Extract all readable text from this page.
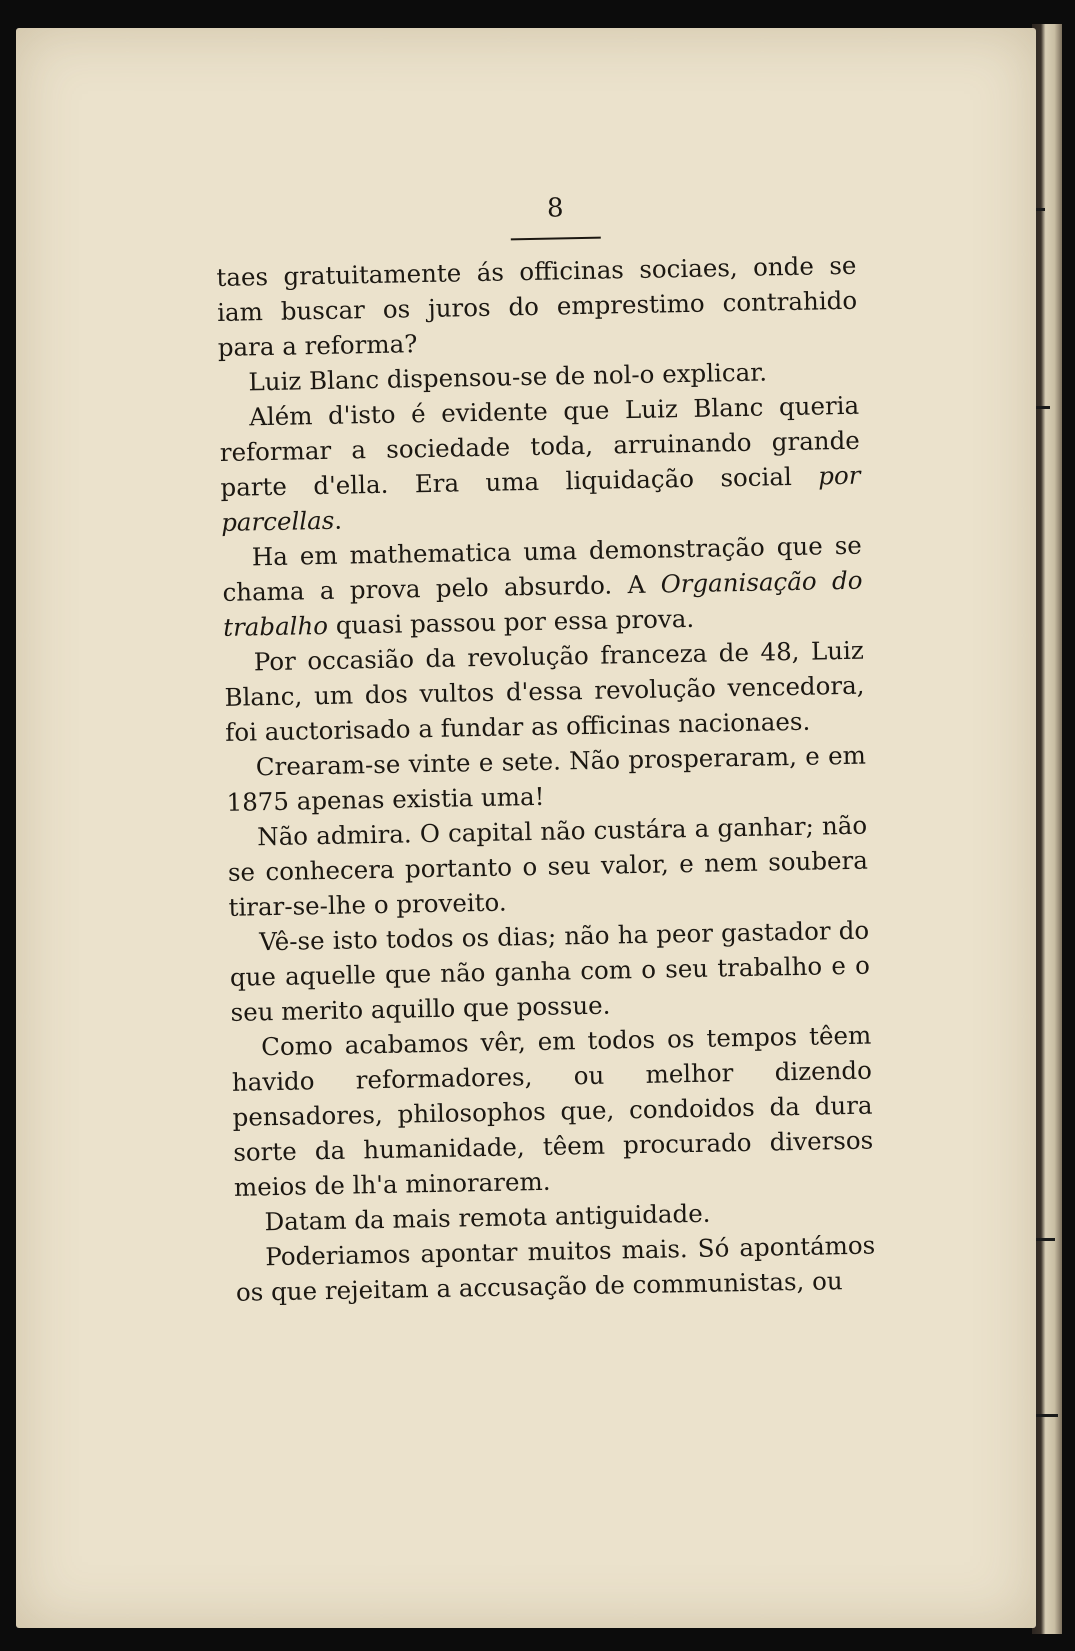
8

taes gratuitamente ás officinas sociaes, onde se iam buscar os juros do emprestimo contrahido para a reforma?

Luiz Blanc dispensou-se de nol-o explicar.

Além d'isto é evidente que Luiz Blanc queria reformar a sociedade toda, arruinando grande parte d'ella. Era uma liquidação social por parcellas.

Ha em mathematica uma demonstração que se chama a prova pelo absurdo. A Organisação do trabalho quasi passou por essa prova.

Por occasião da revolução franceza de 48, Luiz Blanc, um dos vultos d'essa revolução vencedora, foi auctorisado a fundar as officinas nacionaes.

Crearam-se vinte e sete. Não prosperaram, e em 1875 apenas existia uma!

Não admira. O capital não custára a ganhar; não se conhecera portanto o seu valor, e nem soubera tirar-se-lhe o proveito.

Vê-se isto todos os dias; não ha peor gastador do que aquelle que não ganha com o seu trabalho e o seu merito aquillo que possue.

Como acabamos vêr, em todos os tempos têem havido reformadores, ou melhor dizendo pensadores, philosophos que, condoidos da dura sorte da humanidade, têem procurado diversos meios de lh'a minorarem.

Datam da mais remota antiguidade.

Poderiamos apontar muitos mais. Só apontámos os que rejeitam a accusação de communistas, ou
